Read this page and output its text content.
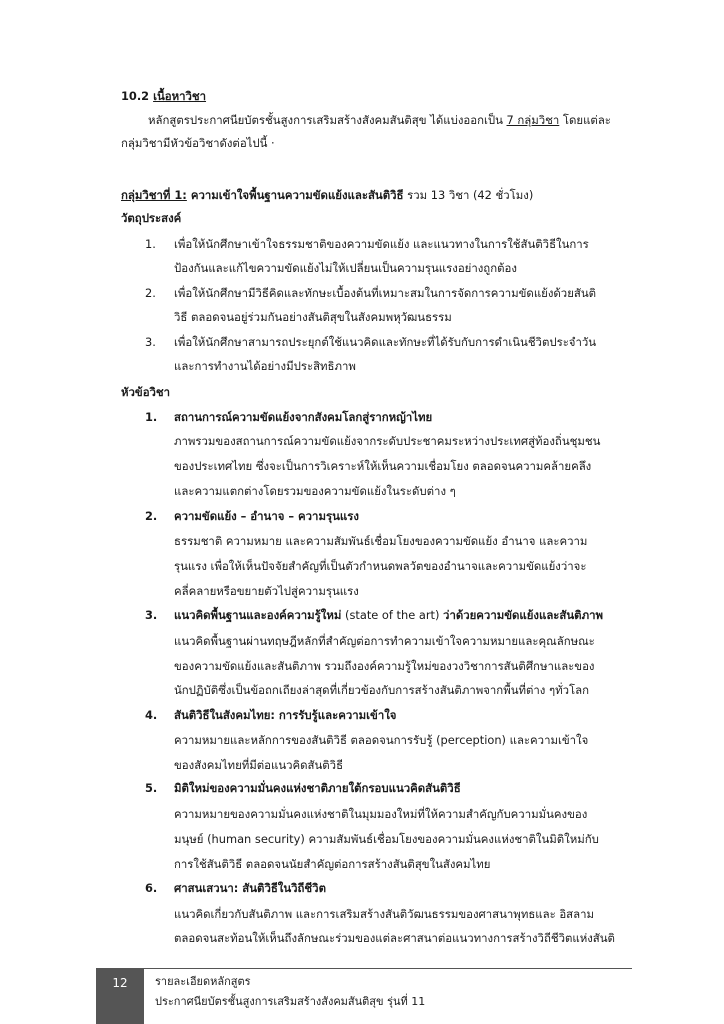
10.2 เนื้อหาวิชา
หลักสูตรประกาศนียบัตรชั้นสูงการเสริมสร้างสังคมสันติสุข ได้แบ่งออกเป็น 7 กลุ่มวิชา โดยแต่ละ
กลุ่มวิชามีหัวข้อวิชาดังต่อไปนี้ ·
กลุ่มวิชาที่ 1: ความเข้าใจพื้นฐานความขัดแย้งและสันติวิธี รวม 13 วิชา (42 ชั่วโมง)
วัตถุประสงค์
1. เพื่อให้นักศึกษาเข้าใจธรรมชาติของความขัดแย้ง และแนวทางในการใช้สันติวิธีในการ
ป้องกันและแก้ไขความขัดแย้งไม่ให้เปลี่ยนเป็นความรุนแรงอย่างถูกต้อง
2. เพื่อให้นักศึกษามีวิธีคิดและทักษะเบื้องต้นที่เหมาะสมในการจัดการความขัดแย้งด้วยสันติ
วิธี ตลอดจนอยู่ร่วมกันอย่างสันติสุขในสังคมพหุวัฒนธรรม
3. เพื่อให้นักศึกษาสามารถประยุกต์ใช้แนวคิดและทักษะที่ได้รับกับการดำเนินชีวิตประจำวัน
และการทำงานได้อย่างมีประสิทธิภาพ
หัวข้อวิชา
1. สถานการณ์ความขัดแย้งจากสังคมโลกสู่รากหญ้าไทย
ภาพรวมของสถานการณ์ความขัดแย้งจากระดับประชาคมระหว่างประเทศสู่ท้องถิ่นชุมชน
ของประเทศไทย ซึ่งจะเป็นการวิเคราะห์ให้เห็นความเชื่อมโยง ตลอดจนความคล้ายคลึง
และความแตกต่างโดยรวมของความขัดแย้งในระดับต่าง ๆ
2. ความขัดแย้ง – อำนาจ – ความรุนแรง
ธรรมชาติ ความหมาย และความสัมพันธ์เชื่อมโยงของความขัดแย้ง อำนาจ และความ
รุนแรง เพื่อให้เห็นปัจจัยสำคัญที่เป็นตัวกำหนดพลวัตของอำนาจและความขัดแย้งว่าจะ
คลี่คลายหรือขยายตัวไปสู่ความรุนแรง
3. แนวคิดพื้นฐานและองค์ความรู้ใหม่ (state of the art) ว่าด้วยความขัดแย้งและสันติภาพ
แนวคิดพื้นฐานผ่านทฤษฎีหลักที่สำคัญต่อการทำความเข้าใจความหมายและคุณลักษณะ
ของความขัดแย้งและสันติภาพ รวมถึงองค์ความรู้ใหม่ของวงวิชาการสันติศึกษาและของ
นักปฏิบัติซึ่งเป็นข้อถกเถียงล่าสุดที่เกี่ยวข้องกับการสร้างสันติภาพจากพื้นที่ต่าง ๆทั่วโลก
4. สันติวิธีในสังคมไทย: การรับรู้และความเข้าใจ
ความหมายและหลักการของสันติวิธี ตลอดจนการรับรู้ (perception) และความเข้าใจ
ของสังคมไทยที่มีต่อแนวคิดสันติวิธี
5. มิติใหม่ของความมั่นคงแห่งชาติภายใต้กรอบแนวคิดสันติวิธี
ความหมายของความมั่นคงแห่งชาติในมุมมองใหม่ที่ให้ความสำคัญกับความมั่นคงของ
มนุษย์ (human security) ความสัมพันธ์เชื่อมโยงของความมั่นคงแห่งชาติในมิติใหม่กับ
การใช้สันติวิธี ตลอดจนนัยสำคัญต่อการสร้างสันติสุขในสังคมไทย
6. ศาสนเสวนา: สันติวิธีในวิถีชีวิต
แนวคิดเกี่ยวกับสันติภาพ และการเสริมสร้างสันติวัฒนธรรมของศาสนาพุทธและ อิสลาม
ตลอดจนสะท้อนให้เห็นถึงลักษณะร่วมของแต่ละศาสนาต่อแนวทางการสร้างวิถีชีวิตแห่งสันติ
12	รายละเอียดหลักสูตร
ประกาศนียบัตรชั้นสูงการเสริมสร้างสังคมสันติสุข รุ่นที่ 11
